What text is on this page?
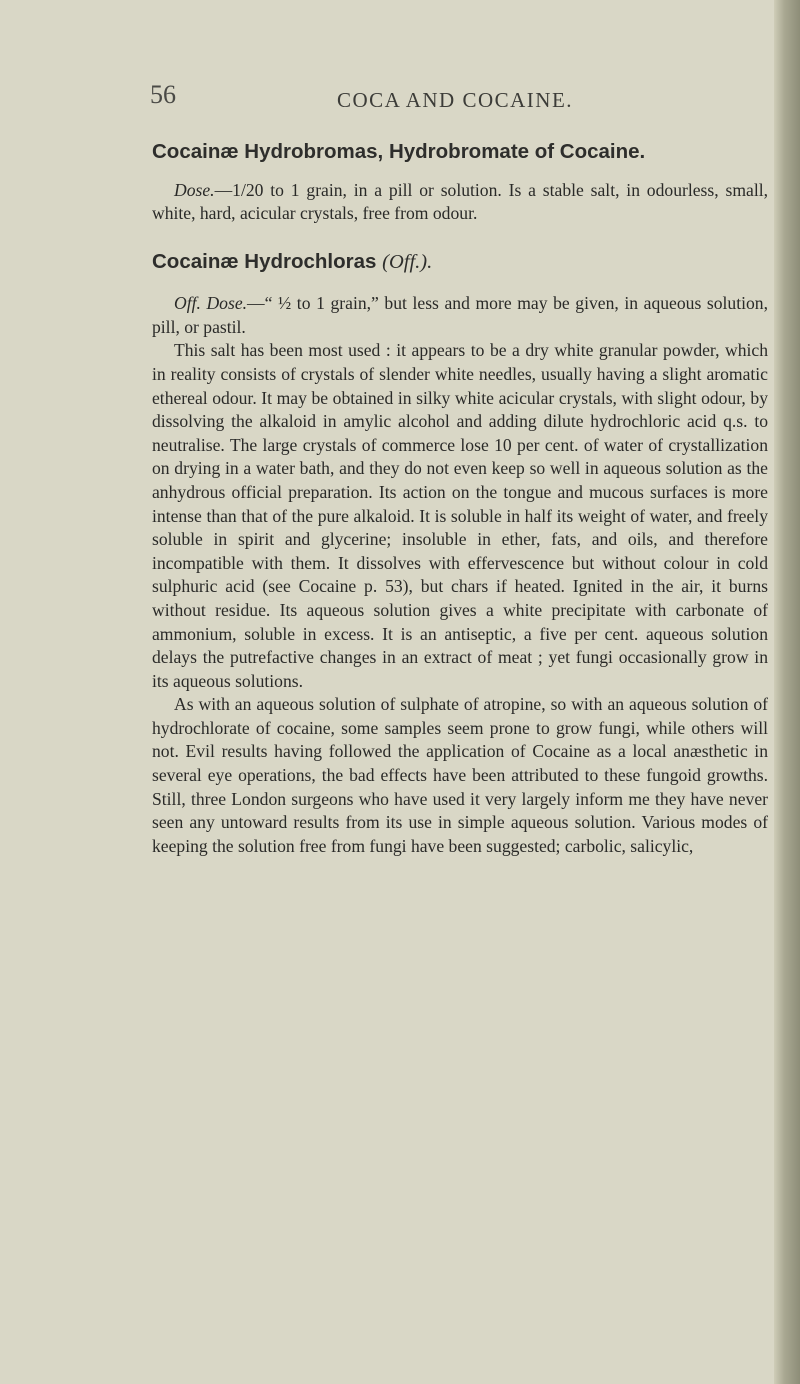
56	COCA AND COCAINE.
Cocainæ Hydrobromas, Hydrobromate of Cocaine.

Dose.—1/20 to 1 grain, in a pill or solution. Is a stable salt, in odourless, small, white, hard, acicular crystals, free from odour.

Cocainæ Hydrochloras (Off.).

Off. Dose.—“ ½ to 1 grain,” but less and more may be given, in aqueous solution, pill, or pastil.

This salt has been most used : it appears to be a dry white granular powder, which in reality consists of crystals of slender white needles, usually having a slight aromatic ethereal odour. It may be obtained in silky white acicular crystals, with slight odour, by dissolving the alkaloid in amylic alcohol and adding dilute hydrochloric acid q.s. to neutralise. The large crystals of commerce lose 10 per cent. of water of crystallization on drying in a water bath, and they do not even keep so well in aqueous solution as the anhydrous official preparation. Its action on the tongue and mucous surfaces is more intense than that of the pure alkaloid. It is soluble in half its weight of water, and freely soluble in spirit and glycerine; insoluble in ether, fats, and oils, and therefore incompatible with them. It dissolves with effervescence but without colour in cold sulphuric acid (see Cocaine p. 53), but chars if heated. Ignited in the air, it burns without residue. Its aqueous solution gives a white precipitate with carbonate of ammonium, soluble in excess. It is an antiseptic, a five per cent. aqueous solution delays the putrefactive changes in an extract of meat ; yet fungi occasionally grow in its aqueous solutions.

As with an aqueous solution of sulphate of atropine, so with an aqueous solution of hydrochlorate of cocaine, some samples seem prone to grow fungi, while others will not. Evil results having followed the application of Cocaine as a local anæsthetic in several eye operations, the bad effects have been attributed to these fungoid growths. Still, three London surgeons who have used it very largely inform me they have never seen any untoward results from its use in simple aqueous solution. Various modes of keeping the solution free from fungi have been suggested; carbolic, salicylic,
